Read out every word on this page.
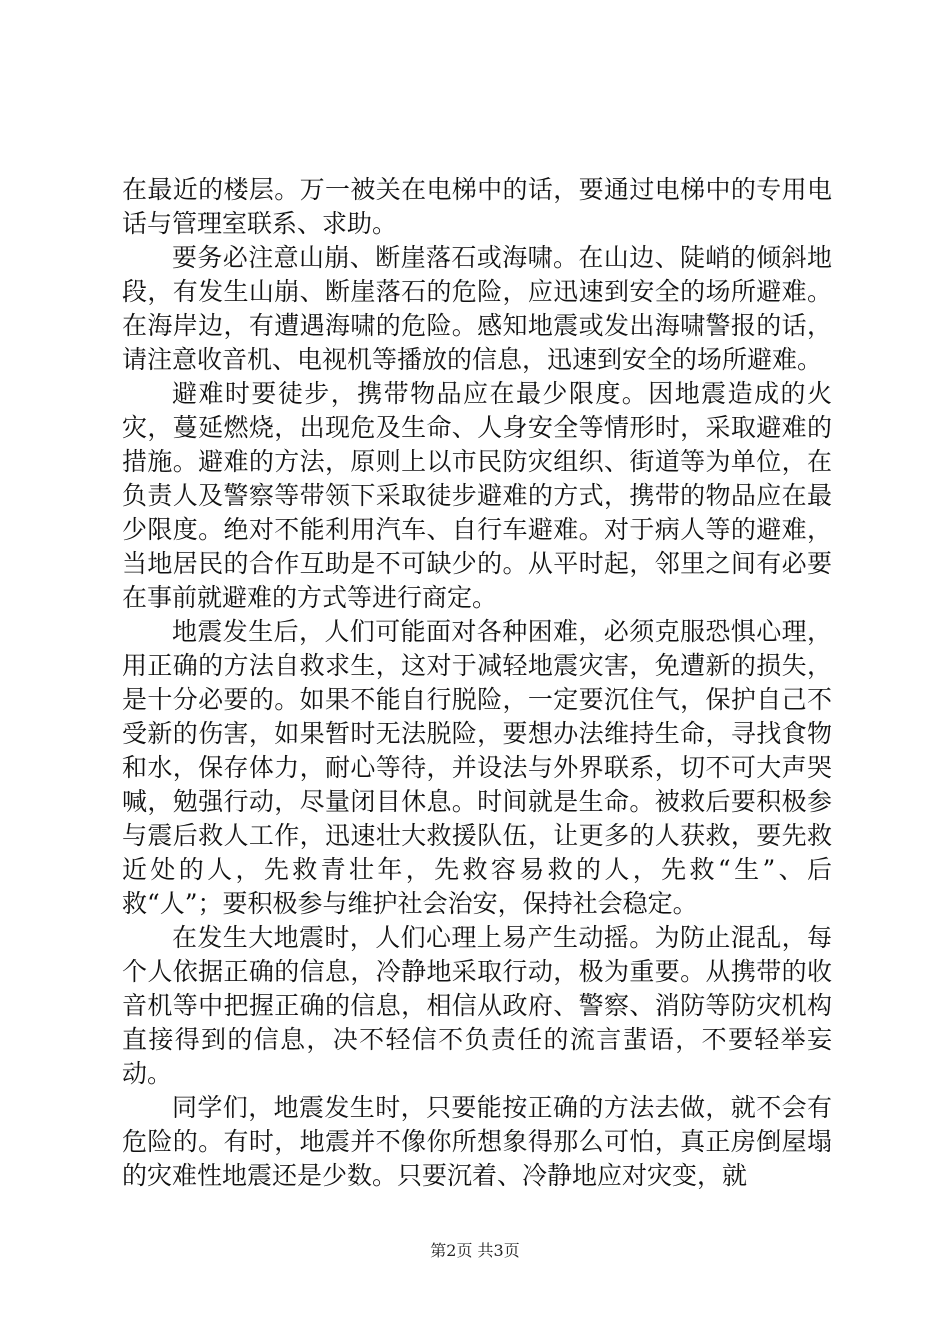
在最近的楼层。万一被关在电梯中的话，要通过电梯中的专用电话与管理室联系、求助。

要务必注意山崩、断崖落石或海啸。在山边、陡峭的倾斜地段，有发生山崩、断崖落石的危险，应迅速到安全的场所避难。在海岸边，有遭遇海啸的危险。感知地震或发出海啸警报的话，请注意收音机、电视机等播放的信息，迅速到安全的场所避难。

避难时要徒步，携带物品应在最少限度。因地震造成的火灾，蔓延燃烧，出现危及生命、人身安全等情形时，采取避难的措施。避难的方法，原则上以市民防灾组织、街道等为单位，在负责人及警察等带领下采取徒步避难的方式，携带的物品应在最少限度。绝对不能利用汽车、自行车避难。对于病人等的避难，当地居民的合作互助是不可缺少的。从平时起，邻里之间有必要在事前就避难的方式等进行商定。

地震发生后，人们可能面对各种困难，必须克服恐惧心理，用正确的方法自救求生，这对于减轻地震灾害，免遭新的损失，是十分必要的。如果不能自行脱险，一定要沉住气，保护自己不受新的伤害，如果暂时无法脱险，要想办法维持生命，寻找食物和水，保存体力，耐心等待，并设法与外界联系，切不可大声哭喊，勉强行动，尽量闭目休息。时间就是生命。被救后要积极参与震后救人工作，迅速壮大救援队伍，让更多的人获救，要先救近处的人，先救青壮年，先救容易救的人，先救“生”、后救“人”；要积极参与维护社会治安，保持社会稳定。

在发生大地震时，人们心理上易产生动摇。为防止混乱，每个人依据正确的信息，冷静地采取行动，极为重要。从携带的收音机等中把握正确的信息，相信从政府、警察、消防等防灾机构直接得到的信息，决不轻信不负责任的流言蜚语，不要轻举妄动。

同学们，地震发生时，只要能按正确的方法去做，就不会有危险的。有时，地震并不像你所想象得那么可怕，真正房倒屋塌的灾难性地震还是少数。只要沉着、冷静地应对灾变，就

第2页 共3页
